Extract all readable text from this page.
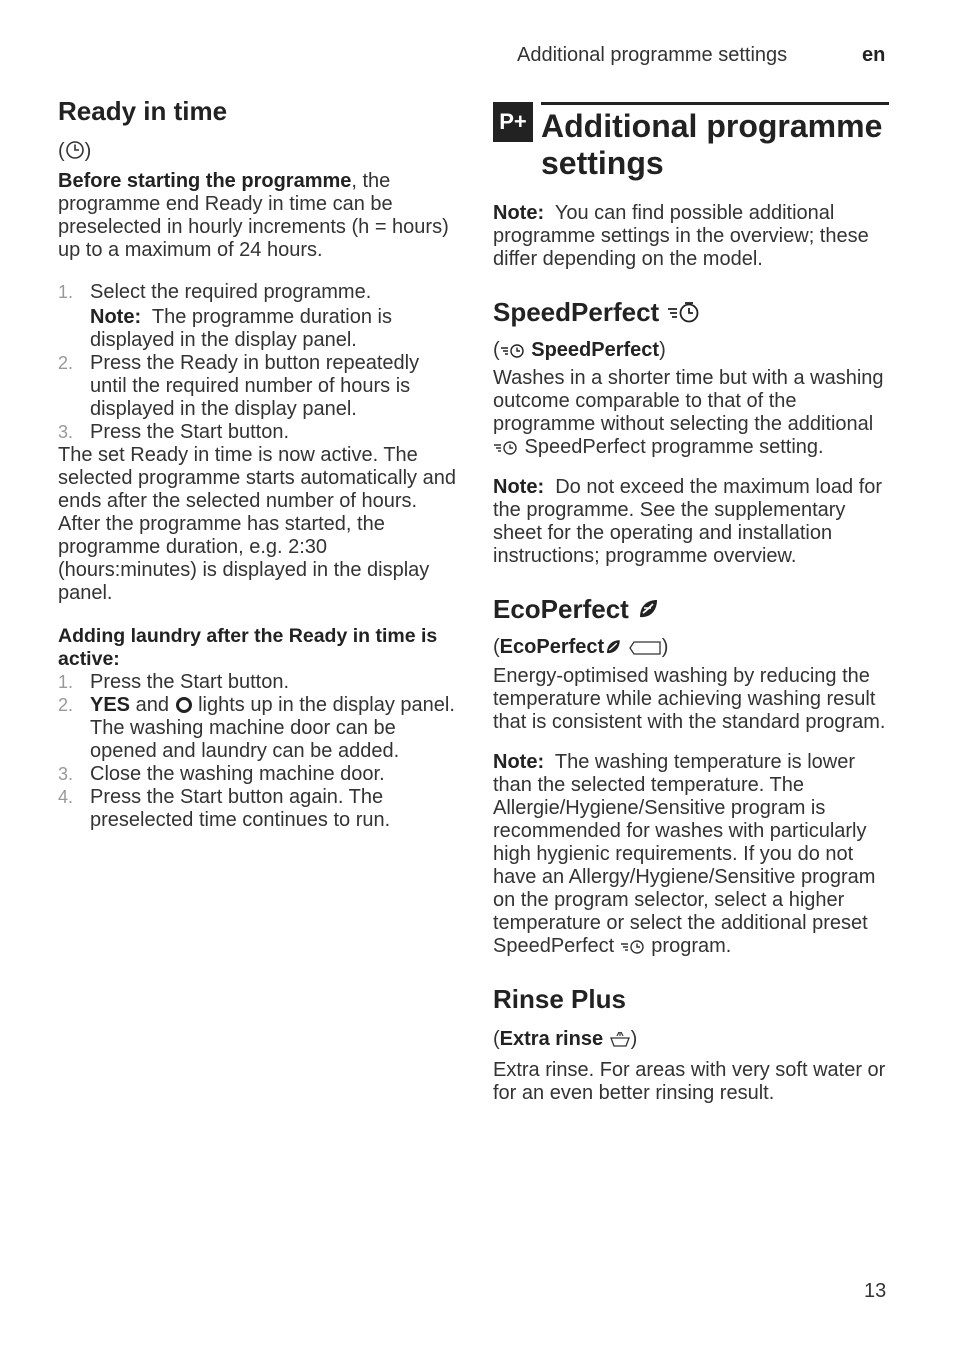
Additional programme settings	en
Ready in time

( )

Before starting the programme, the programme end Ready in time can be preselected in hourly increments (h = hours) up to a maximum of 24 hours.

1. Select the required programme.
Note: The programme duration is displayed in the display panel.
2. Press the Ready in button repeatedly until the required number of hours is displayed in the display panel.
3. Press the Start button.

The set Ready in time is now active. The selected programme starts automatically and ends after the selected number of hours.

After the programme has started, the programme duration, e.g. 2:30 (hours:minutes) is displayed in the display panel.

Adding laundry after the Ready in time is active:

1. Press the Start button.
2. YES and  lights up in the display panel. The washing machine door can be opened and laundry can be added.
3. Close the washing machine door.
4. Press the Start button again. The preselected time continues to run.
P+ Additional programme settings

Note: You can find possible additional programme settings in the overview; these differ depending on the model.

SpeedPerfect

( SpeedPerfect)

Washes in a shorter time but with a washing outcome comparable to that of the programme without selecting the additional  SpeedPerfect programme setting.

Note: Do not exceed the maximum load for the programme. See the supplementary sheet for the operating and installation instructions; programme overview.

EcoPerfect

(EcoPerfect	)

Energy-optimised washing by reducing the temperature while achieving washing result that is consistent with the standard program.

Note: The washing temperature is lower than the selected temperature. The Allergie/Hygiene/Sensitive program is recommended for washes with particularly high hygienic requirements. If you do not have an Allergy/Hygiene/Sensitive program on the program selector, select a higher temperature or select the additional preset SpeedPerfect  program.

Rinse Plus

(Extra rinse )

Extra rinse. For areas with very soft water or for an even better rinsing result.

13
